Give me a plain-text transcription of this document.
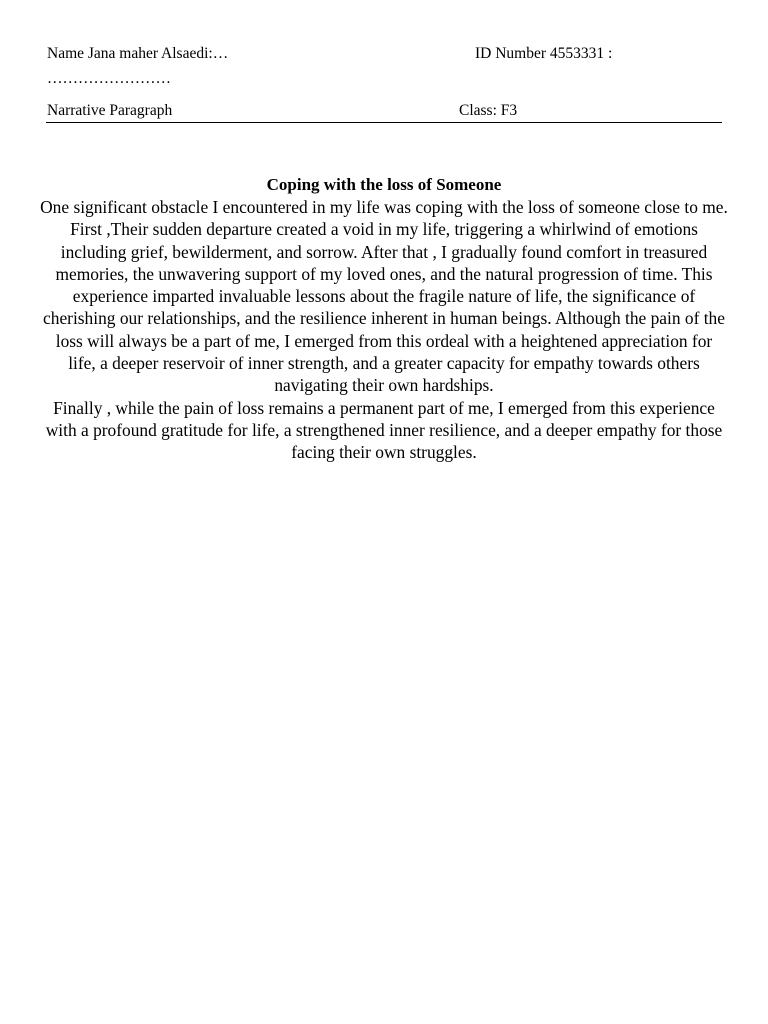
Name Jana maher Alsaedi:…	ID Number 4553331 :
……………………
Narrative Paragraph	Class: F3

Coping with the loss of Someone

One significant obstacle I encountered in my life was coping with the loss of someone close to me. First ,Their sudden departure created a void in my life, triggering a whirlwind of emotions including grief, bewilderment, and sorrow. After that , I gradually found comfort in treasured memories, the unwavering support of my loved ones, and the natural progression of time. This experience imparted invaluable lessons about the fragile nature of life, the significance of cherishing our relationships, and the resilience inherent in human beings. Although the pain of the loss will always be a part of me, I emerged from this ordeal with a heightened appreciation for life, a deeper reservoir of inner strength, and a greater capacity for empathy towards others navigating their own hardships.

Finally , while the pain of loss remains a permanent part of me, I emerged from this experience with a profound gratitude for life, a strengthened inner resilience, and a deeper empathy for those facing their own struggles.
